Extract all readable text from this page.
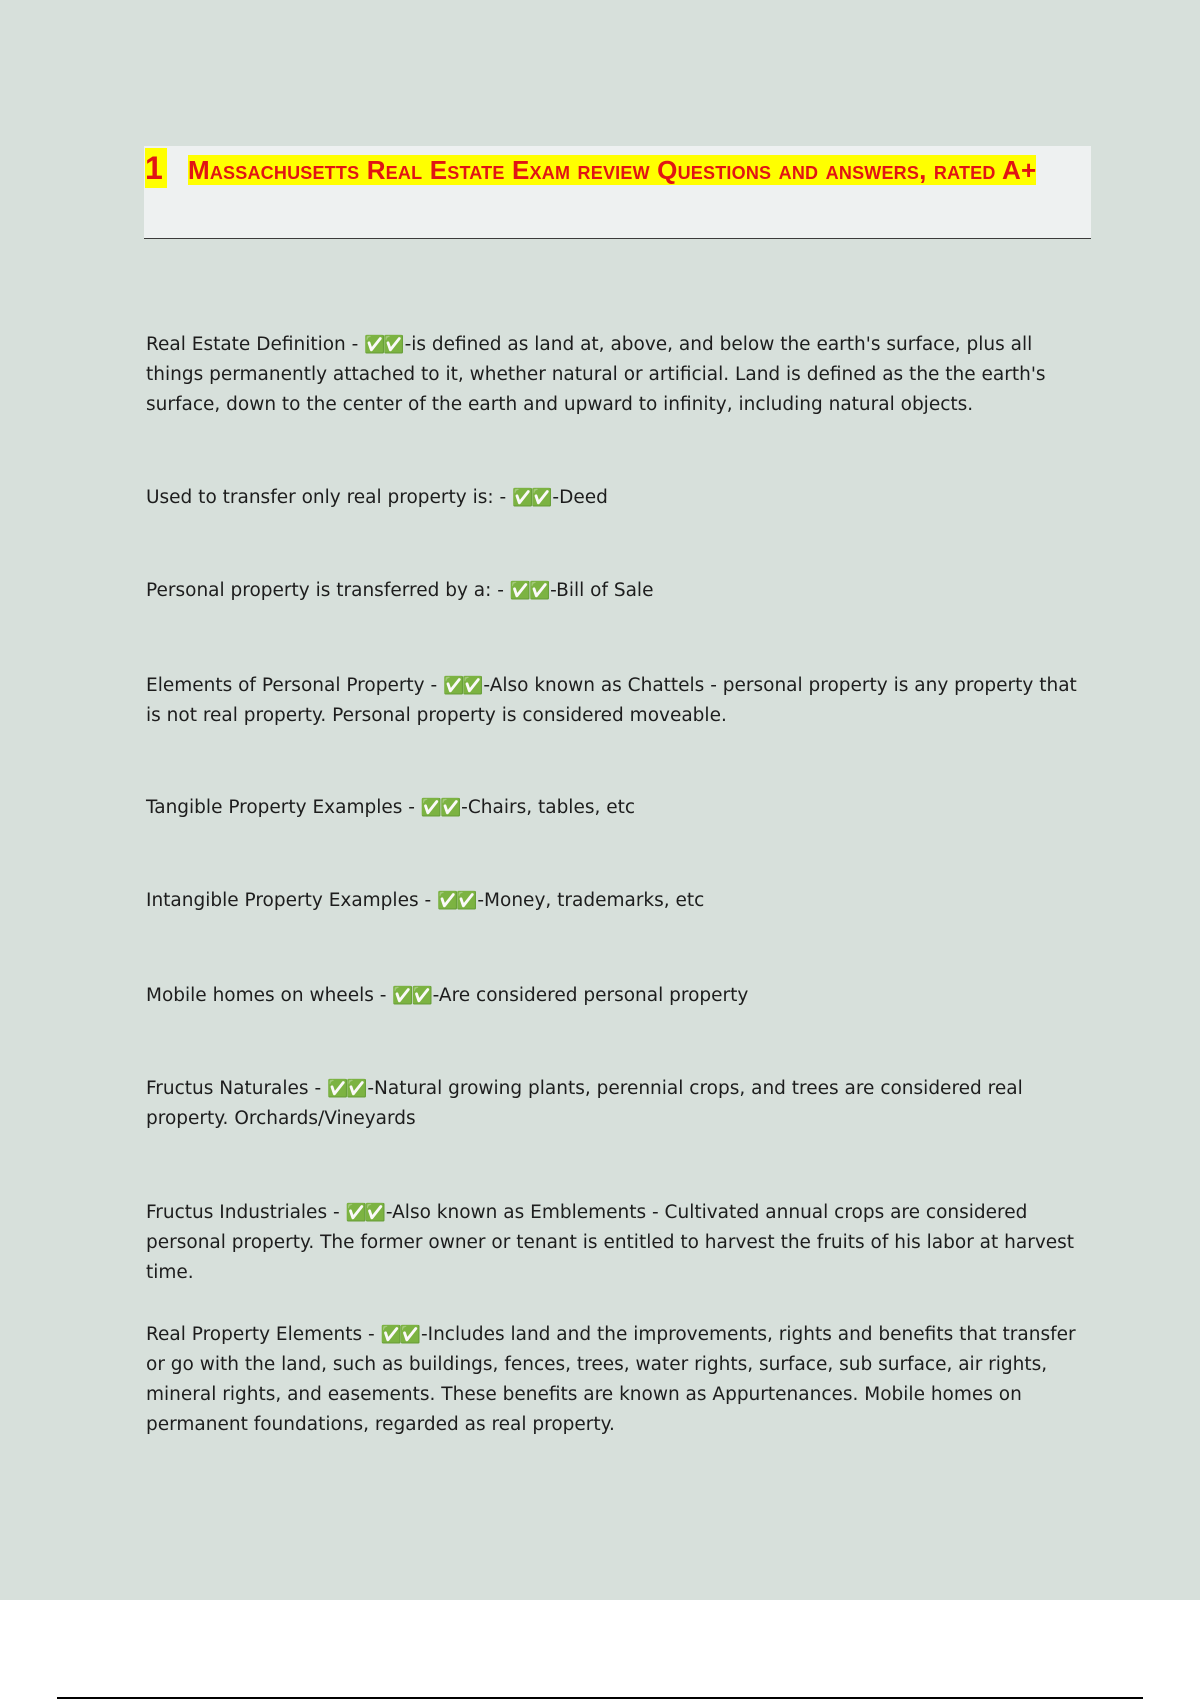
1 Massachusetts Real Estate Exam review Questions and answers, rated A+

Real Estate Definition - ✅✅ -is defined as land at, above, and below the earth's surface, plus all things permanently attached to it, whether natural or artificial. Land is defined as the the earth's surface, down to the center of the earth and upward to infinity, including natural objects.

Used to transfer only real property is: - ✅✅ -Deed

Personal property is transferred by a: - ✅✅ -Bill of Sale

Elements of Personal Property - ✅✅ -Also known as Chattels - personal property is any property that is not real property. Personal property is considered moveable.

Tangible Property Examples - ✅✅ -Chairs, tables, etc

Intangible Property Examples - ✅✅ -Money, trademarks, etc

Mobile homes on wheels - ✅✅ -Are considered personal property

Fructus Naturales - ✅✅ -Natural growing plants, perennial crops, and trees are considered real property. Orchards/Vineyards

Fructus Industriales - ✅✅ -Also known as Emblements - Cultivated annual crops are considered personal property. The former owner or tenant is entitled to harvest the fruits of his labor at harvest time.

Real Property Elements - ✅✅ -Includes land and the improvements, rights and benefits that transfer or go with the land, such as buildings, fences, trees, water rights, surface, sub surface, air rights, mineral rights, and easements. These benefits are known as Appurtenances. Mobile homes on permanent foundations, regarded as real property.
